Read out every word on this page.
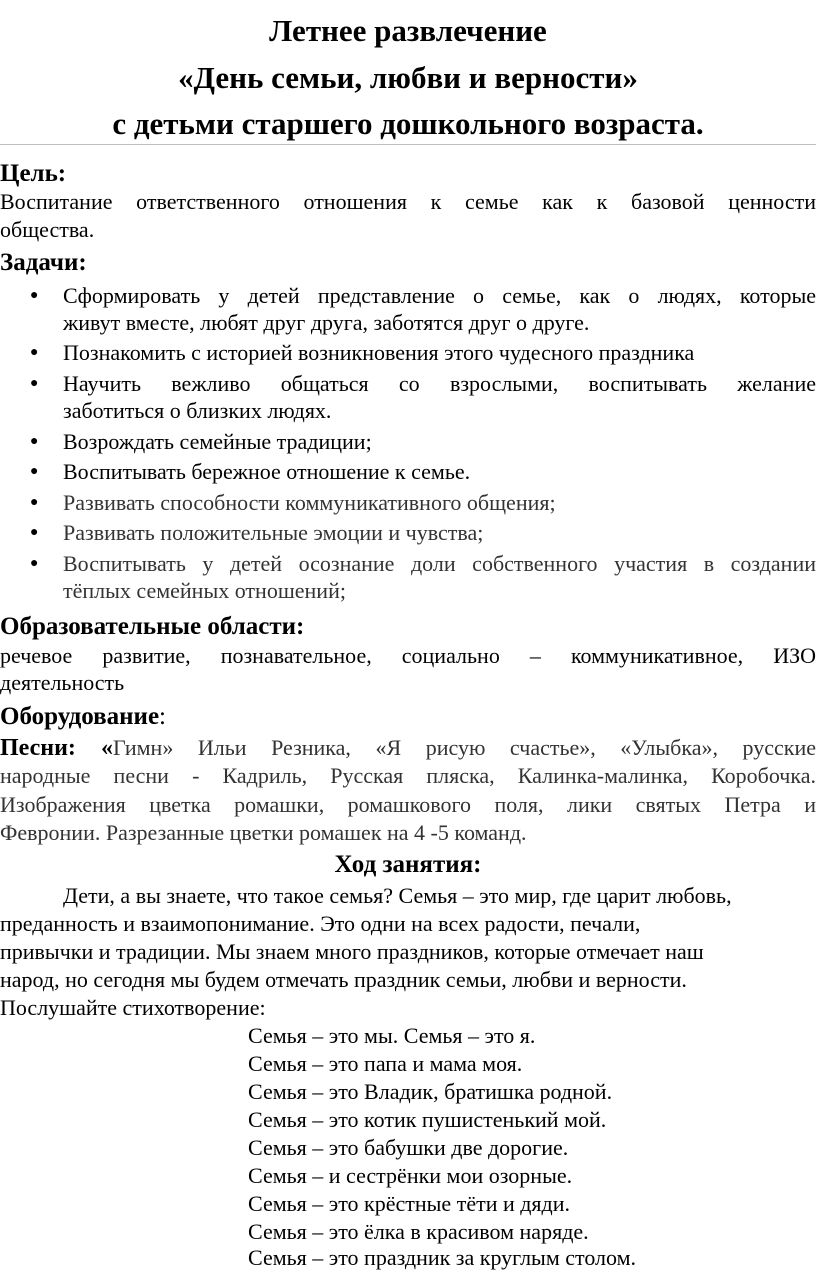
Летнее развлечение
«День семьи, любви и верности»
с детьми старшего дошкольного возраста.
Цель:
Воспитание ответственного отношения к семье как к базовой ценности
общества.
Задачи:
● Сформировать у детей представление о семье, как о людях, которые
живут вместе, любят друг друга, заботятся друг о друге.
● Познакомить с историей возникновения этого чудесного праздника
● Научить вежливо общаться со взрослыми, воспитывать желание
заботиться о близких людях.
● Возрождать семейные традиции;
● Воспитывать бережное отношение к семье.
● Развивать способности коммуникативного общения;
● Развивать положительные эмоции и чувства;
● Воспитывать у детей осознание доли собственного участия в создании
тёплых семейных отношений;
Образовательные области:
речевое развитие, познавательное, социально – коммуникативное, ИЗО
деятельность
Оборудование:
Песни: «Гимн» Ильи Резника, «Я рисую счастье», «Улыбка», русские
народные песни - Кадриль, Русская пляска, Калинка-малинка, Коробочка.
Изображения цветка ромашки, ромашкового поля, лики святых Петра и
Февронии. Разрезанные цветки ромашек на 4 -5 команд.
Ход занятия:
Дети, а вы знаете, что такое семья? Семья – это мир, где царит любовь,
преданность и взаимопонимание. Это одни на всех радости, печали,
привычки и традиции. Мы знаем много праздников, которые отмечает наш
народ, но сегодня мы будем отмечать праздник семьи, любви и верности.
Послушайте стихотворение:
Семья – это мы. Семья – это я.
Семья – это папа и мама моя.
Семья – это Владик, братишка родной.
Семья – это котик пушистенький мой.
Семья – это бабушки две дорогие.
Семья – и сестрёнки мои озорные.
Семья – это крёстные тёти и дяди.
Семья – это ёлка в красивом наряде.
Семья – это праздник за круглым столом.
